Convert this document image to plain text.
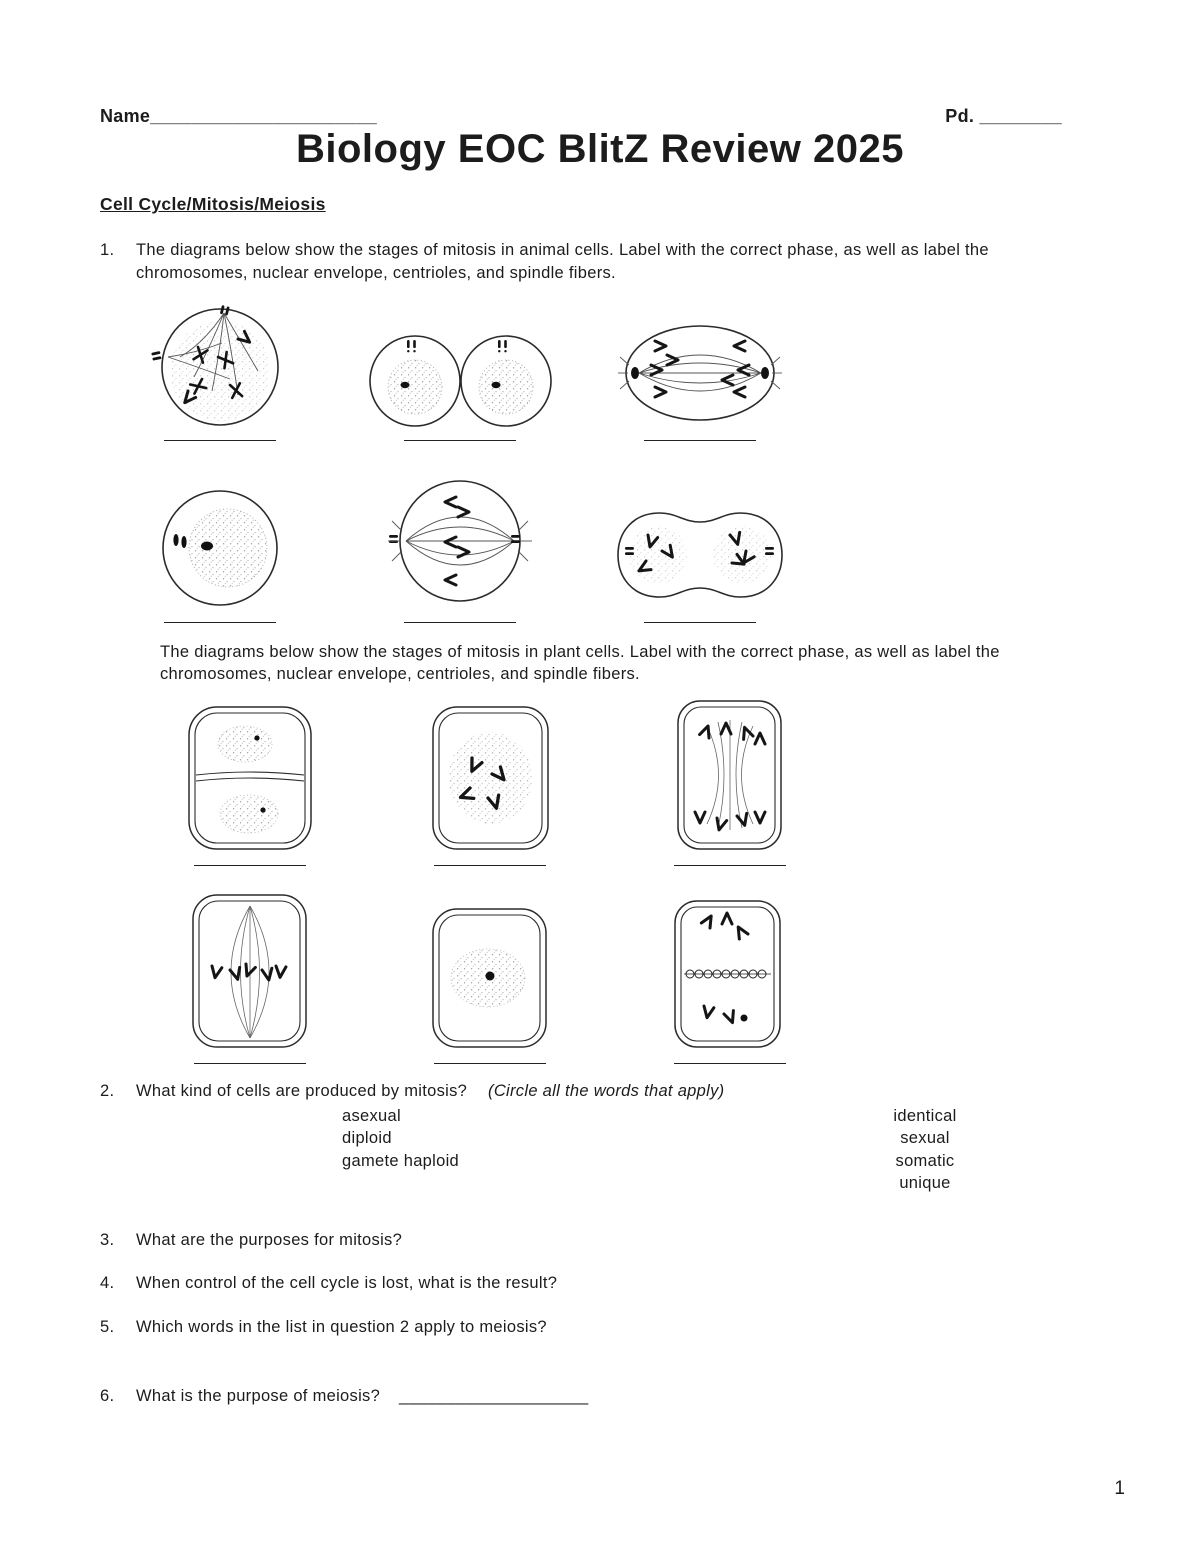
Name ______________________	Pd. ________
Biology EOC BlitZ Review 2025
Cell Cycle/Mitosis/Meiosis
1.	The diagrams below show the stages of mitosis in animal cells. Label with the correct phase, as well as label the chromosomes, nuclear envelope, centrioles, and spindle fibers.
The diagrams below show the stages of mitosis in plant cells. Label with the correct phase, as well as label the chromosomes, nuclear envelope, centrioles, and spindle fibers.
2.	What kind of cells are produced by mitosis? (Circle all the words that apply)
asexual
diploid
gamete haploid
identical
sexual
somatic
unique
3.	What are the purposes for mitosis?
4.	When control of the cell cycle is lost, what is the result?
5.	Which words in the list in question 2 apply to meiosis?
6.	What is the purpose of meiosis? ____________________
1
